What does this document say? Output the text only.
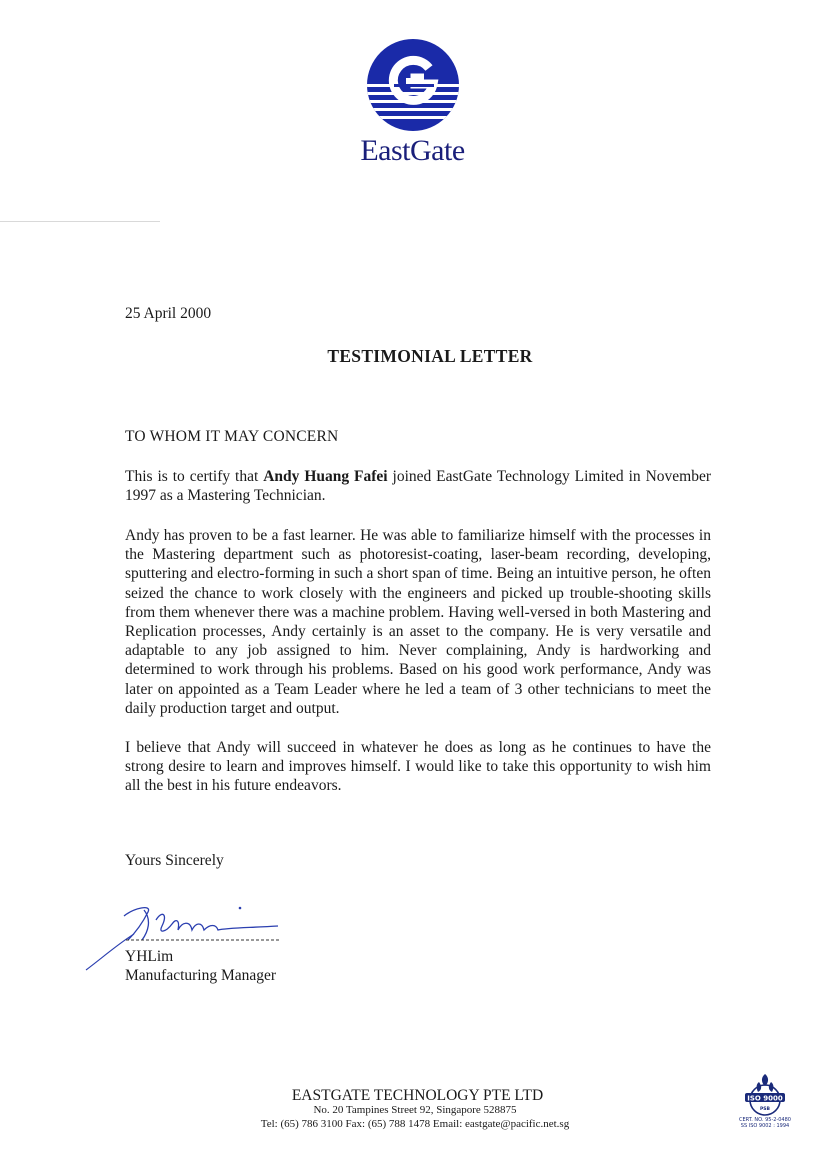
EastGate
25 April 2000
TESTIMONIAL LETTER
TO WHOM IT MAY CONCERN
This is to certify that Andy Huang Fafei joined EastGate Technology Limited in November 1997 as a Mastering Technician.
Andy has proven to be a fast learner. He was able to familiarize himself with the processes in the Mastering department such as photoresist-coating, laser-beam recording, developing, sputtering and electro-forming in such a short span of time. Being an intuitive person, he often seized the chance to work closely with the engineers and picked up trouble-shooting skills from them whenever there was a machine problem. Having well-versed in both Mastering and Replication processes, Andy certainly is an asset to the company. He is very versatile and adaptable to any job assigned to him. Never complaining, Andy is hardworking and determined to work through his problems. Based on his good work performance, Andy was later on appointed as a Team Leader where he led a team of 3 other technicians to meet the daily production target and output.
I believe that Andy will succeed in whatever he does as long as he continues to have the strong desire to learn and improves himself. I would like to take this opportunity to wish him all the best in his future endeavors.
Yours Sincerely
YHLim
Manufacturing Manager
EASTGATE TECHNOLOGY PTE LTD
No. 20 Tampines Street 92, Singapore 528875
Tel: (65) 786 3100 Fax: (65) 788 1478 Email: eastgate@pacific.net.sg
ISO 9000
PSB
CERT. NO. 95-2-0480
SS ISO 9002 : 1994
